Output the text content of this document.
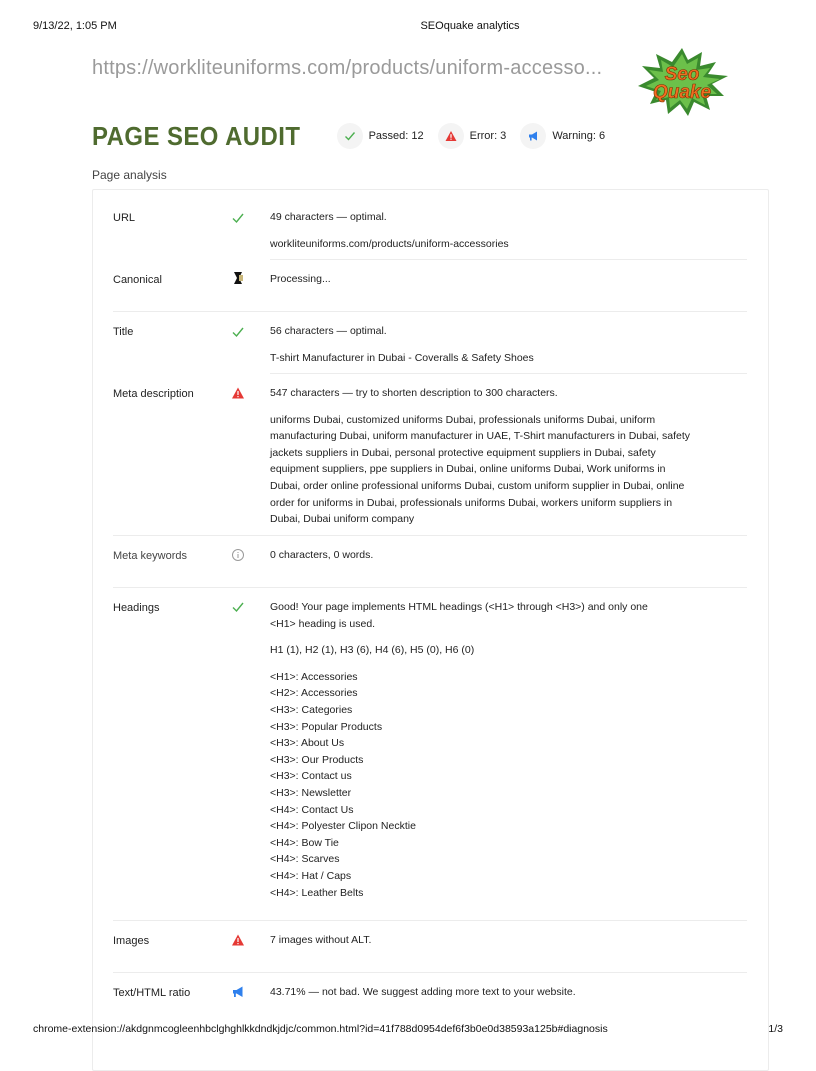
9/13/22, 1:05 PM	SEOquake analytics
https://workliteuniforms.com/products/uniform-accesso...	Seo
Quake
PAGE SEO AUDIT	Passed: 12	Error: 3	Warning: 6
Page analysis
URL	49 characters — optimal.

workliteuniforms.com/products/uniform-accessories

Canonical	Processing...

Title	56 characters — optimal.

T-shirt Manufacturer in Dubai - Coveralls & Safety Shoes

Meta description	547 characters — try to shorten description to 300 characters.

uniforms Dubai, customized uniforms Dubai, professionals uniforms Dubai, uniform manufacturing Dubai, uniform manufacturer in UAE, T-Shirt manufacturers in Dubai, safety jackets suppliers in Dubai, personal protective equipment suppliers in Dubai, safety equipment suppliers, ppe suppliers in Dubai, online uniforms Dubai, Work uniforms in Dubai, order online professional uniforms Dubai, custom uniform supplier in Dubai, online order for uniforms in Dubai, professionals uniforms Dubai, workers uniform suppliers in Dubai, Dubai uniform company

Meta keywords	0 characters, 0 words.

Headings	Good! Your page implements HTML headings (<H1> through <H3>) and only one <H1> heading is used.

H1 (1), H2 (1), H3 (6), H4 (6), H5 (0), H6 (0)

<H1>: Accessories
<H2>: Accessories
<H3>: Categories
<H3>: Popular Products
<H3>: About Us
<H3>: Our Products
<H3>: Contact us
<H3>: Newsletter
<H4>: Contact Us
<H4>: Polyester Clipon Necktie
<H4>: Bow Tie
<H4>: Scarves
<H4>: Hat / Caps
<H4>: Leather Belts
Images	7 images without ALT.

Text/HTML ratio	43.71% — not bad. We suggest adding more text to your website.

chrome-extension://akdgnmcogleenhbclghghlkkdndkjdjc/common.html?id=41f788d0954def6f3b0e0d38593a125b#diagnosis	1/3
